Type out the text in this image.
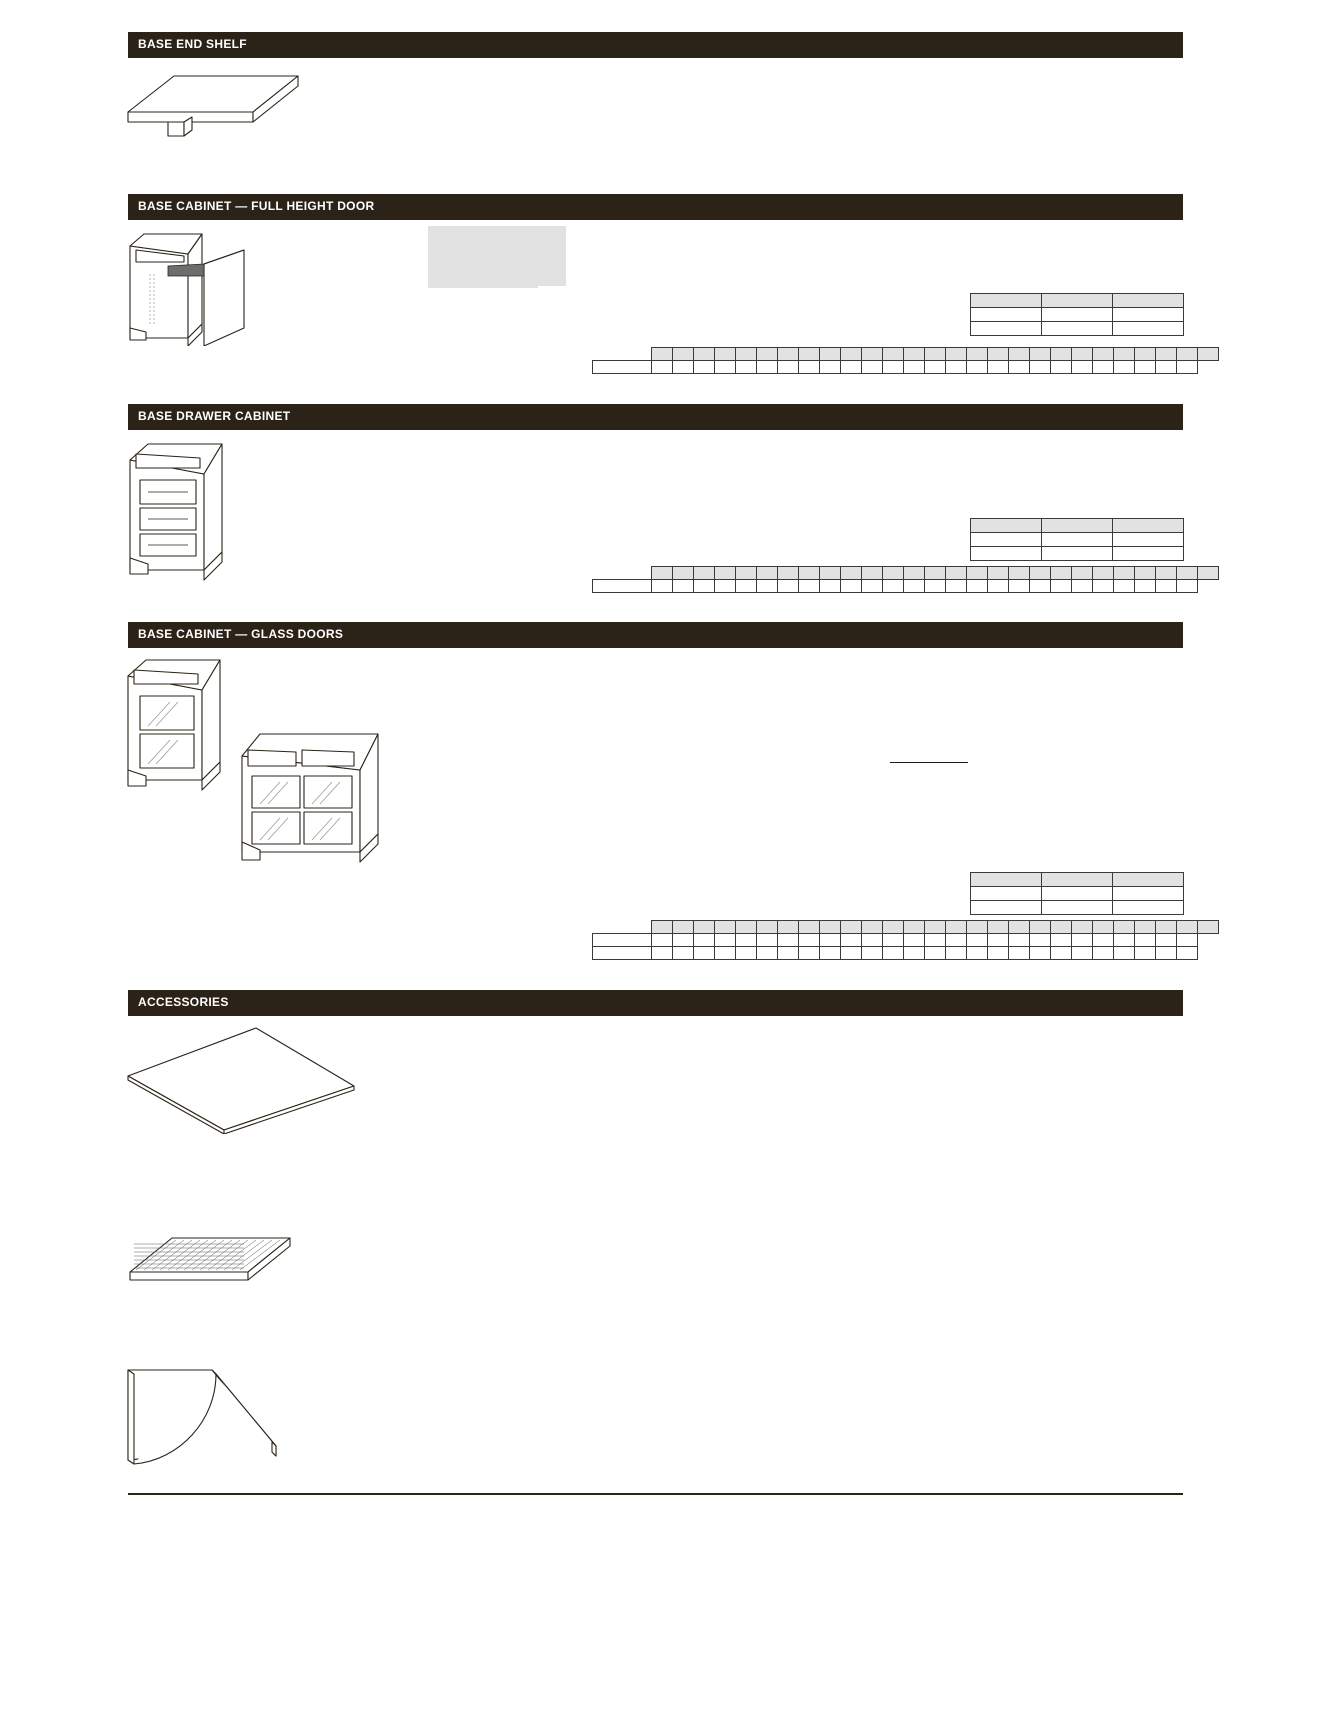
BASE END SHELF
BASE CABINET — FULL HEIGHT DOOR

BASE DRAWER CABINET

BASE CABINET — GLASS DOORS

ACCESSORIES
